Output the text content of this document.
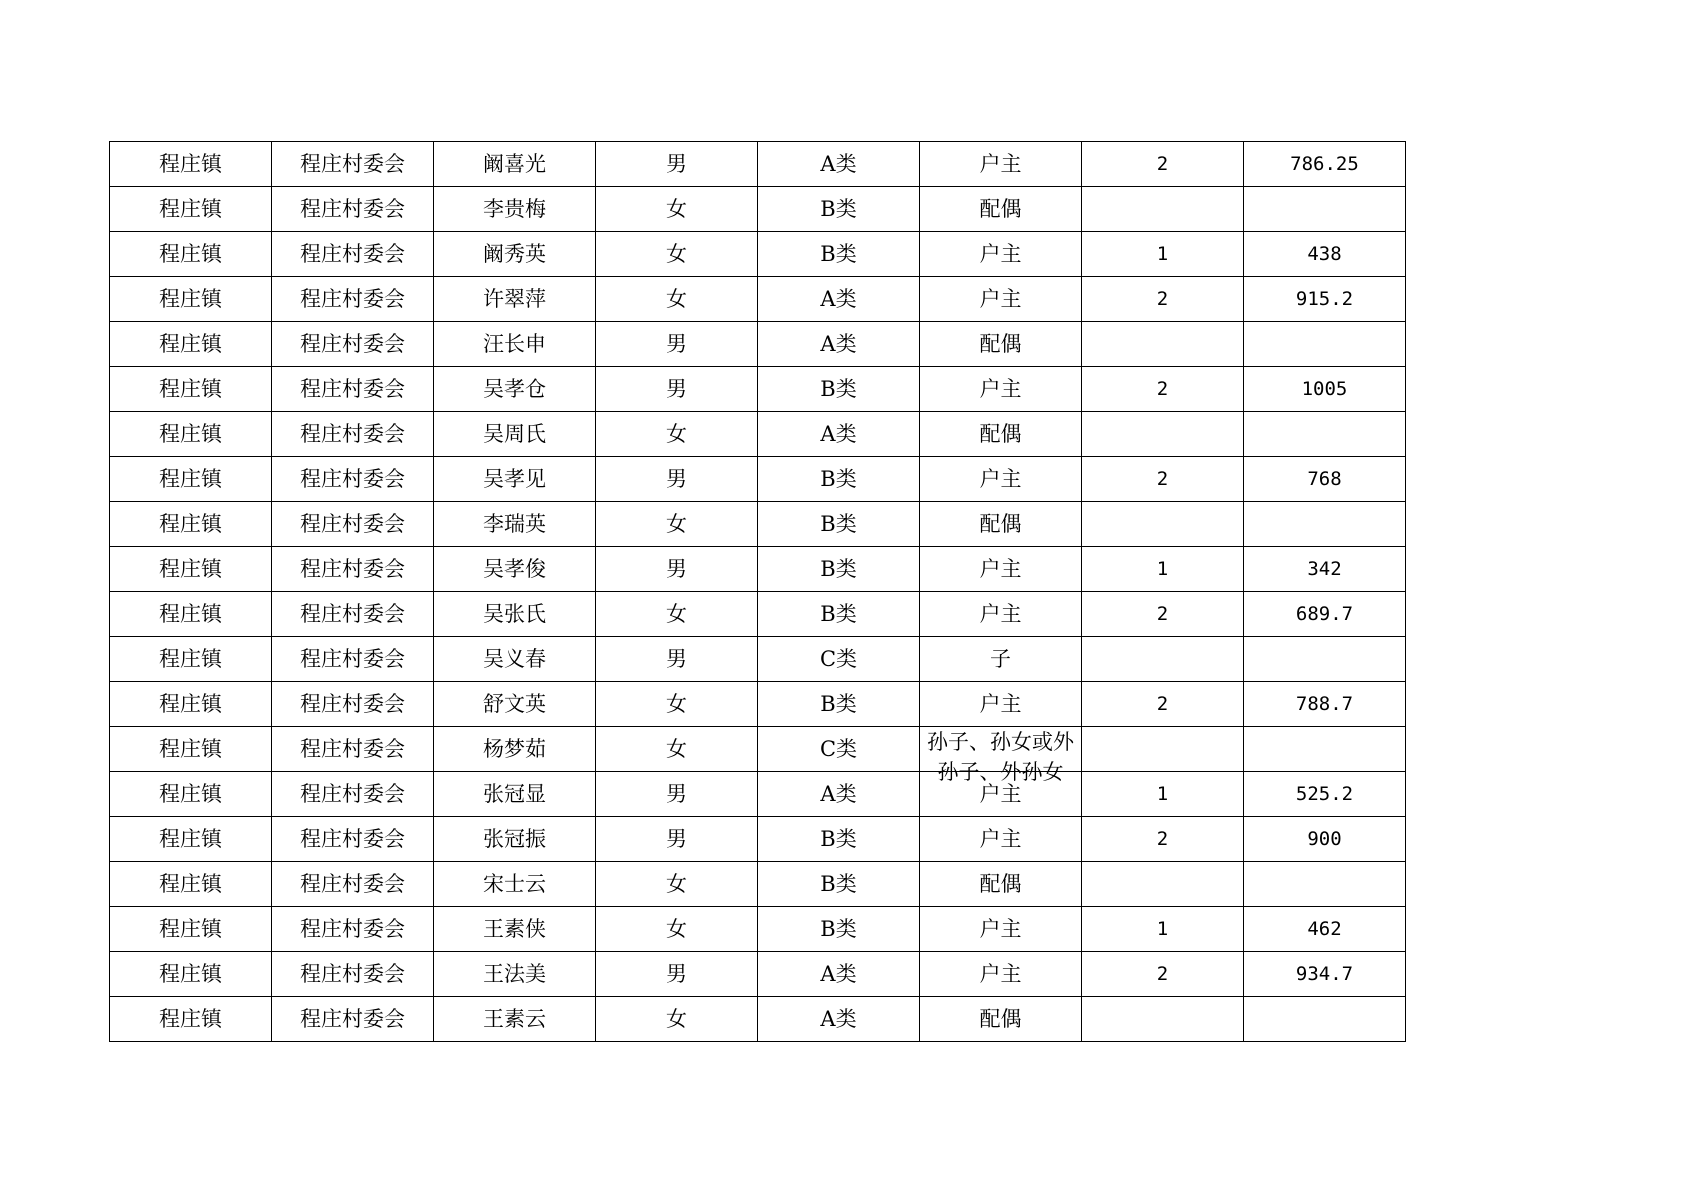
程庄镇	程庄村委会	阚喜光	男	A类	户主	2	786.25
程庄镇	程庄村委会	李贵梅	女	B类	配偶		
程庄镇	程庄村委会	阚秀英	女	B类	户主	1	438
程庄镇	程庄村委会	许翠萍	女	A类	户主	2	915.2
程庄镇	程庄村委会	汪长申	男	A类	配偶		
程庄镇	程庄村委会	吴孝仓	男	B类	户主	2	1005
程庄镇	程庄村委会	吴周氏	女	A类	配偶		
程庄镇	程庄村委会	吴孝见	男	B类	户主	2	768
程庄镇	程庄村委会	李瑞英	女	B类	配偶		
程庄镇	程庄村委会	吴孝俊	男	B类	户主	1	342
程庄镇	程庄村委会	吴张氏	女	B类	户主	2	689.7
程庄镇	程庄村委会	吴义春	男	C类	子		
程庄镇	程庄村委会	舒文英	女	B类	户主	2	788.7
程庄镇	程庄村委会	杨梦茹	女	C类	孙子、孙女或外孙子、外孙女		

程庄镇	程庄村委会	张冠显	男	A类	户主	1	525.2
程庄镇	程庄村委会	张冠振	男	B类	户主	2	900
程庄镇	程庄村委会	宋士云	女	B类	配偶		
程庄镇	程庄村委会	王素侠	女	B类	户主	1	462
程庄镇	程庄村委会	王法美	男	A类	户主	2	934.7
程庄镇	程庄村委会	王素云	女	A类	配偶		
